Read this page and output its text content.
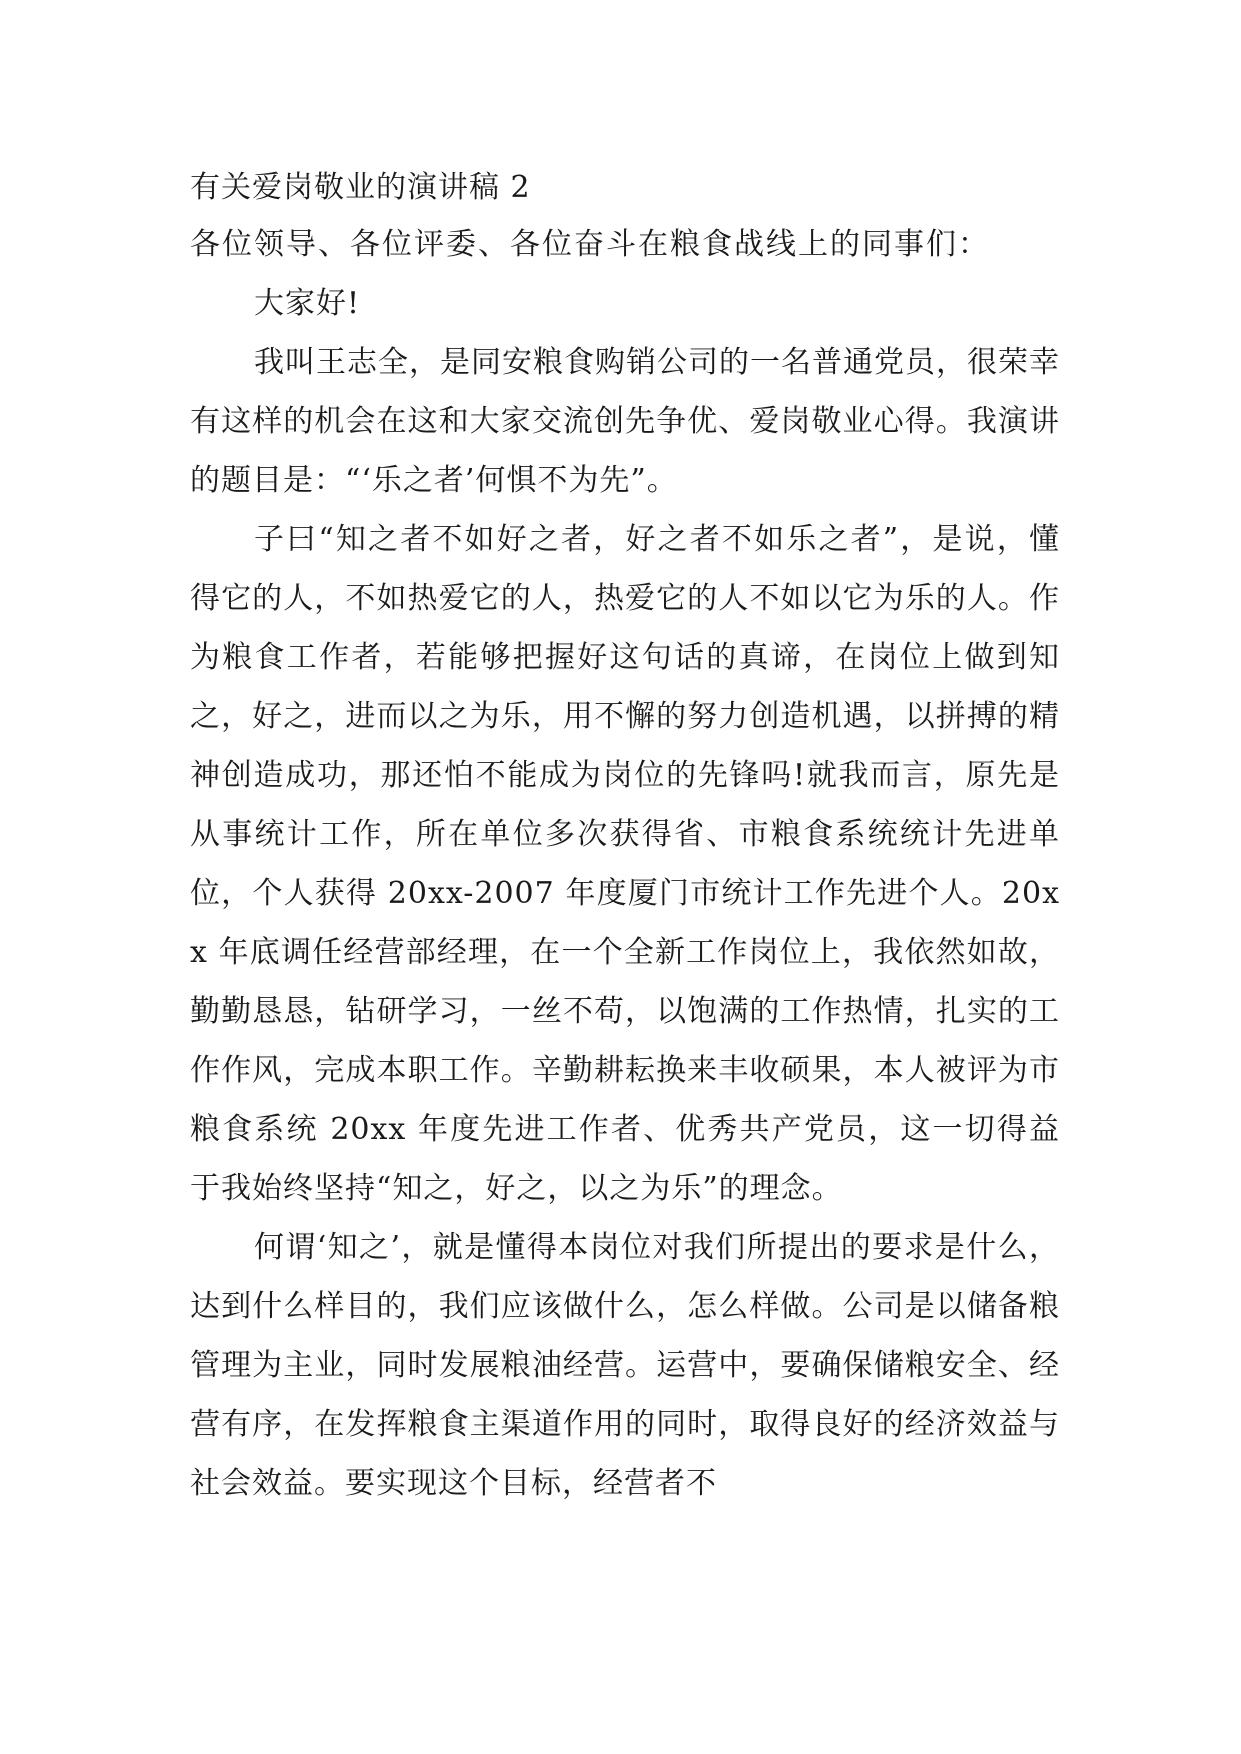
有关爱岗敬业的演讲稿 2
各位领导、各位评委、各位奋斗在粮食战线上的同事们：

大家好!

我叫王志全，是同安粮食购销公司的一名普通党员，很荣幸有这样的机会在这和大家交流创先争优、爱岗敬业心得。我演讲的题目是：“‘乐之者’何惧不为先”。

子曰“知之者不如好之者，好之者不如乐之者”，是说，懂得它的人，不如热爱它的人，热爱它的人不如以它为乐的人。作为粮食工作者，若能够把握好这句话的真谛，在岗位上做到知之，好之，进而以之为乐，用不懈的努力创造机遇，以拼搏的精神创造成功，那还怕不能成为岗位的先锋吗!就我而言，原先是从事统计工作，所在单位多次获得省、市粮食系统统计先进单位，个人获得 20xx-2007 年度厦门市统计工作先进个人。20xx 年底调任经营部经理，在一个全新工作岗位上，我依然如故，勤勤恳恳，钻研学习，一丝不苟，以饱满的工作热情，扎实的工作作风，完成本职工作。辛勤耕耘换来丰收硕果，本人被评为市粮食系统 20xx 年度先进工作者、优秀共产党员，这一切得益于我始终坚持“知之，好之，以之为乐”的理念。

何谓‘知之’，就是懂得本岗位对我们所提出的要求是什么，达到什么样目的，我们应该做什么，怎么样做。公司是以储备粮管理为主业，同时发展粮油经营。运营中，要确保储粮安全、经营有序，在发挥粮食主渠道作用的同时，取得良好的经济效益与社会效益。要实现这个目标，经营者不
